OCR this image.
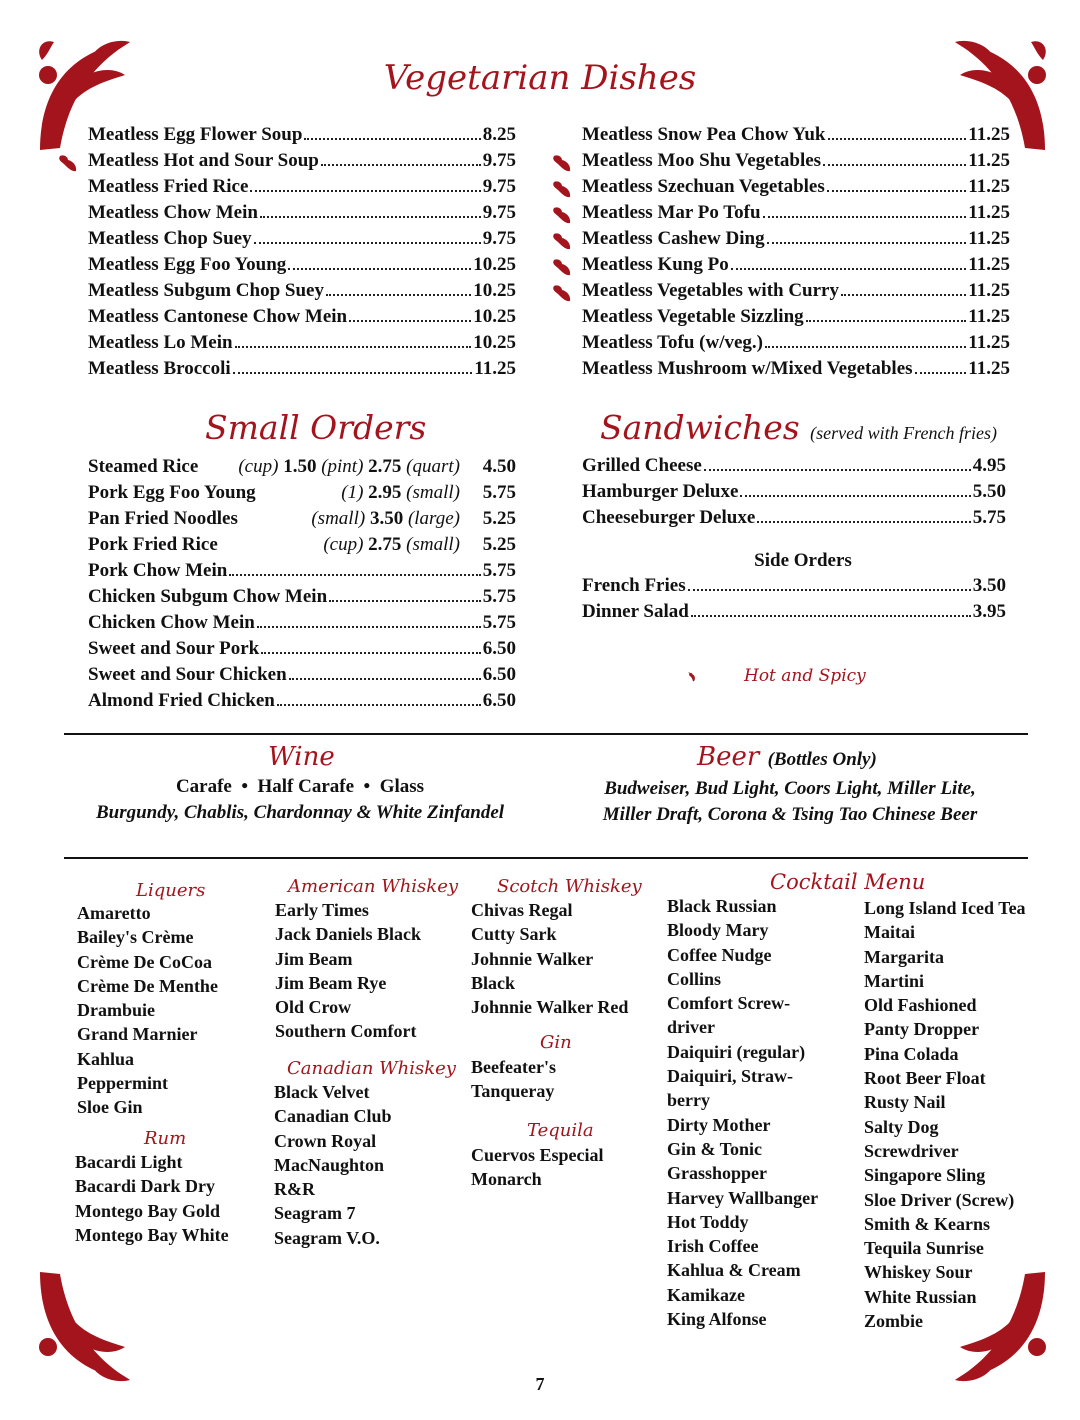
Vegetarian Dishes
Meatless Egg Flower Soup	8.25
Meatless Hot and Sour Soup	9.75
Meatless Fried Rice	9.75
Meatless Chow Mein	9.75
Meatless Chop Suey	9.75
Meatless Egg Foo Young	10.25
Meatless Subgum Chop Suey	10.25
Meatless Cantonese Chow Mein	10.25
Meatless Lo Mein	10.25
Meatless Broccoli	11.25
Meatless Snow Pea Chow Yuk	11.25
Meatless Moo Shu Vegetables	11.25
Meatless Szechuan Vegetables	11.25
Meatless Mar Po Tofu	11.25
Meatless Cashew Ding	11.25
Meatless Kung Po	11.25
Meatless Vegetables with Curry	11.25
Meatless Vegetable Sizzling	11.25
Meatless Tofu (w/veg.)	11.25
Meatless Mushroom w/Mixed Vegetables	11.25
Small Orders
Steamed Rice	(cup) 1.50 (pint) 2.75 (quart)	4.50
Pork Egg Foo Young	(1) 2.95 (small)	5.75
Pan Fried Noodles	(small) 3.50 (large)	5.25
Pork Fried Rice	(cup) 2.75 (small)	5.25
Pork Chow Mein	5.75
Chicken Subgum Chow Mein	5.75
Chicken Chow Mein	5.75
Sweet and Sour Pork	6.50
Sweet and Sour Chicken	6.50
Almond Fried Chicken	6.50
Sandwiches (served with French fries)
Grilled Cheese	4.95
Hamburger Deluxe	5.50
Cheeseburger Deluxe	5.75
Side Orders
French Fries	3.50
Dinner Salad	3.95
Hot and Spicy
Wine
Carafe  •  Half Carafe  •  Glass
Burgundy, Chablis, Chardonnay & White Zinfandel
Beer (Bottles Only)
Budweiser, Bud Light, Coors Light, Miller Lite,
Miller Draft, Corona & Tsing Tao Chinese Beer
Liquers
Amaretto
Bailey's Crème
Crème De CoCoa
Crème De Menthe
Drambuie
Grand Marnier
Kahlua
Peppermint
Sloe Gin
Rum
Bacardi Light
Bacardi Dark Dry
Montego Bay Gold
Montego Bay White
American Whiskey
Early Times
Jack Daniels Black
Jim Beam
Jim Beam Rye
Old Crow
Southern Comfort
Canadian Whiskey
Black Velvet
Canadian Club
Crown Royal
MacNaughton
R&R
Seagram 7
Seagram V.O.
Scotch Whiskey
Chivas Regal
Cutty Sark
Johnnie Walker
Black
Johnnie Walker Red
Gin
Beefeater's
Tanqueray
Tequila
Cuervos Especial
Monarch
Cocktail Menu
Black Russian
Bloody Mary
Coffee Nudge
Collins
Comfort Screw-
driver
Daiquiri (regular)
Daiquiri, Straw-
berry
Dirty Mother
Gin & Tonic
Grasshopper
Harvey Wallbanger
Hot Toddy
Irish Coffee
Kahlua & Cream
Kamikaze
King Alfonse
Long Island Iced Tea
Maitai
Margarita
Martini
Old Fashioned
Panty Dropper
Pina Colada
Root Beer Float
Rusty Nail
Salty Dog
Screwdriver
Singapore Sling
Sloe Driver (Screw)
Smith & Kearns
Tequila Sunrise
Whiskey Sour
White Russian
Zombie
7
